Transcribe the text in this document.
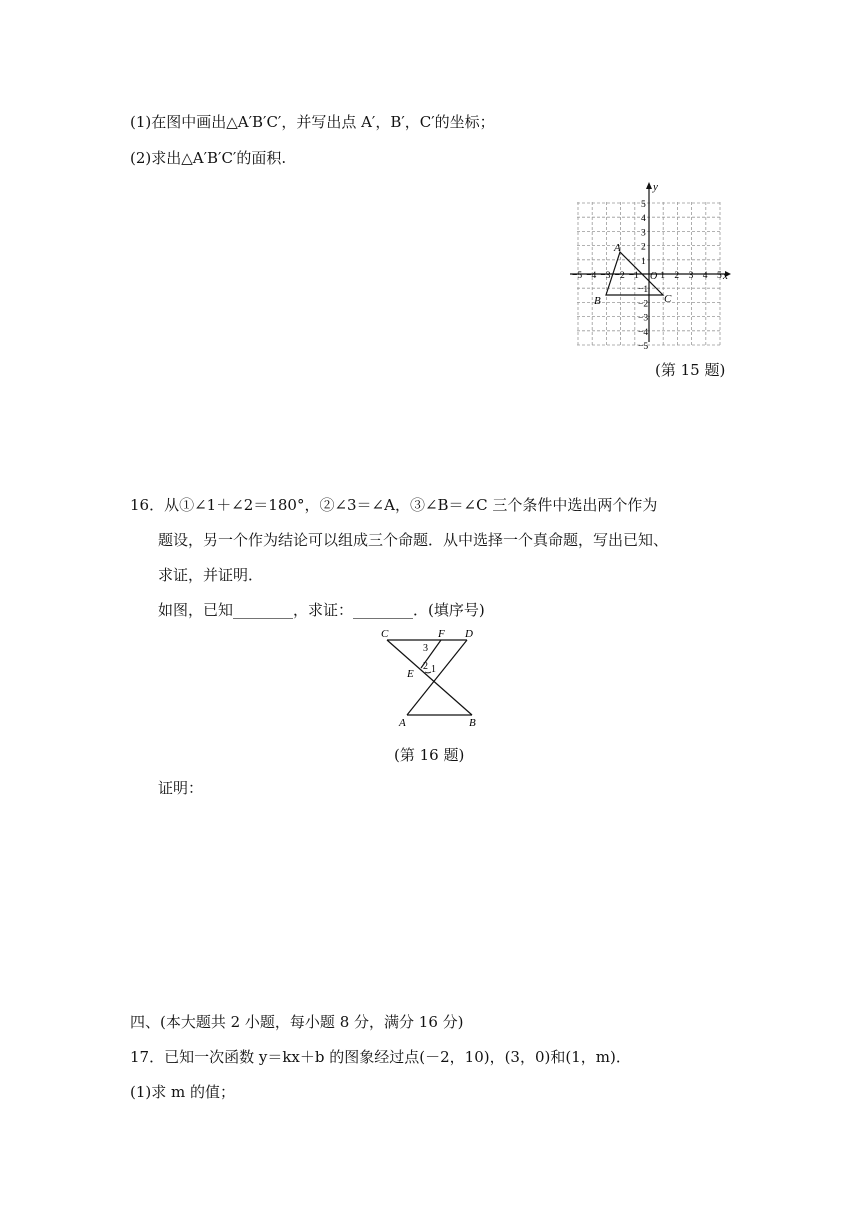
(1)在图中画出△A′B′C′，并写出点 A′，B′，C′的坐标；
(2)求出△A′B′C′的面积.
y
x
O
−5 −4 −3 −2 −1 1 2 3 4 5
5
4
3
2
1
−1
−2
−3
−4
−5
A
B	C
(第 15 题)
16．从①∠1＋∠2＝180°，②∠3＝∠A，③∠B＝∠C 三个条件中选出两个作为
题设，另一个作为结论可以组成三个命题．从中选择一个真命题，写出已知、
求证，并证明．
如图，已知________，求证：________．(填序号)
C	F D
E
A	B
3
2 1
(第 16 题)
证明：
四、(本大题共 2 小题，每小题 8 分，满分 16 分)
17．已知一次函数 y＝kx＋b 的图象经过点(－2，10)，(3，0)和(1，m)．
(1)求 m 的值；
